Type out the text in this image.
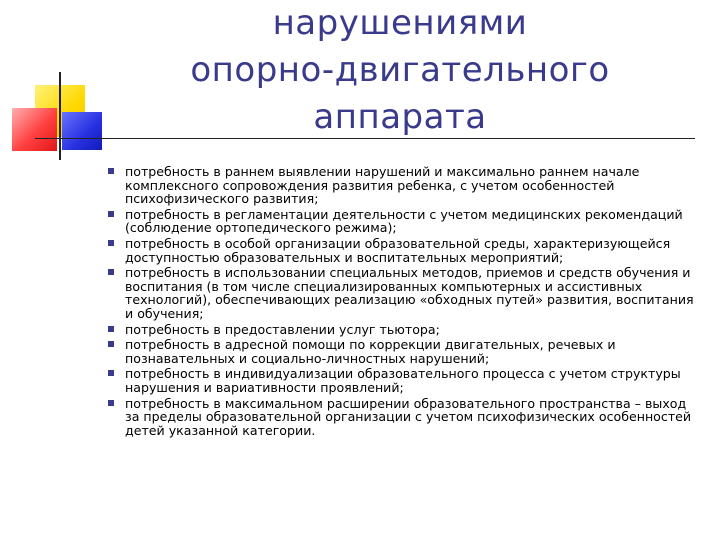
нарушениями
опорно-двигательного
аппарата
потребность в раннем выявлении нарушений и максимально раннем начале комплексного сопровождения развития ребенка, с учетом особенностей психофизического развития;
потребность в регламентации деятельности с учетом медицинских рекомендаций (соблюдение ортопедического режима);
потребность в особой организации образовательной среды, характеризующейся доступностью образовательных и воспитательных мероприятий;
потребность в использовании специальных методов, приемов и средств обучения и воспитания (в том числе специализированных компьютерных и ассистивных технологий), обеспечивающих реализацию «обходных путей» развития, воспитания и обучения;
потребность в предоставлении услуг тьютора;
потребность в адресной помощи по коррекции двигательных, речевых и познавательных и социально-личностных нарушений;
потребность в индивидуализации образовательного процесса с учетом структуры нарушения и вариативности проявлений;
потребность в максимальном расширении образовательного пространства – выход за пределы образовательной организации с учетом психофизических особенностей детей указанной категории.
